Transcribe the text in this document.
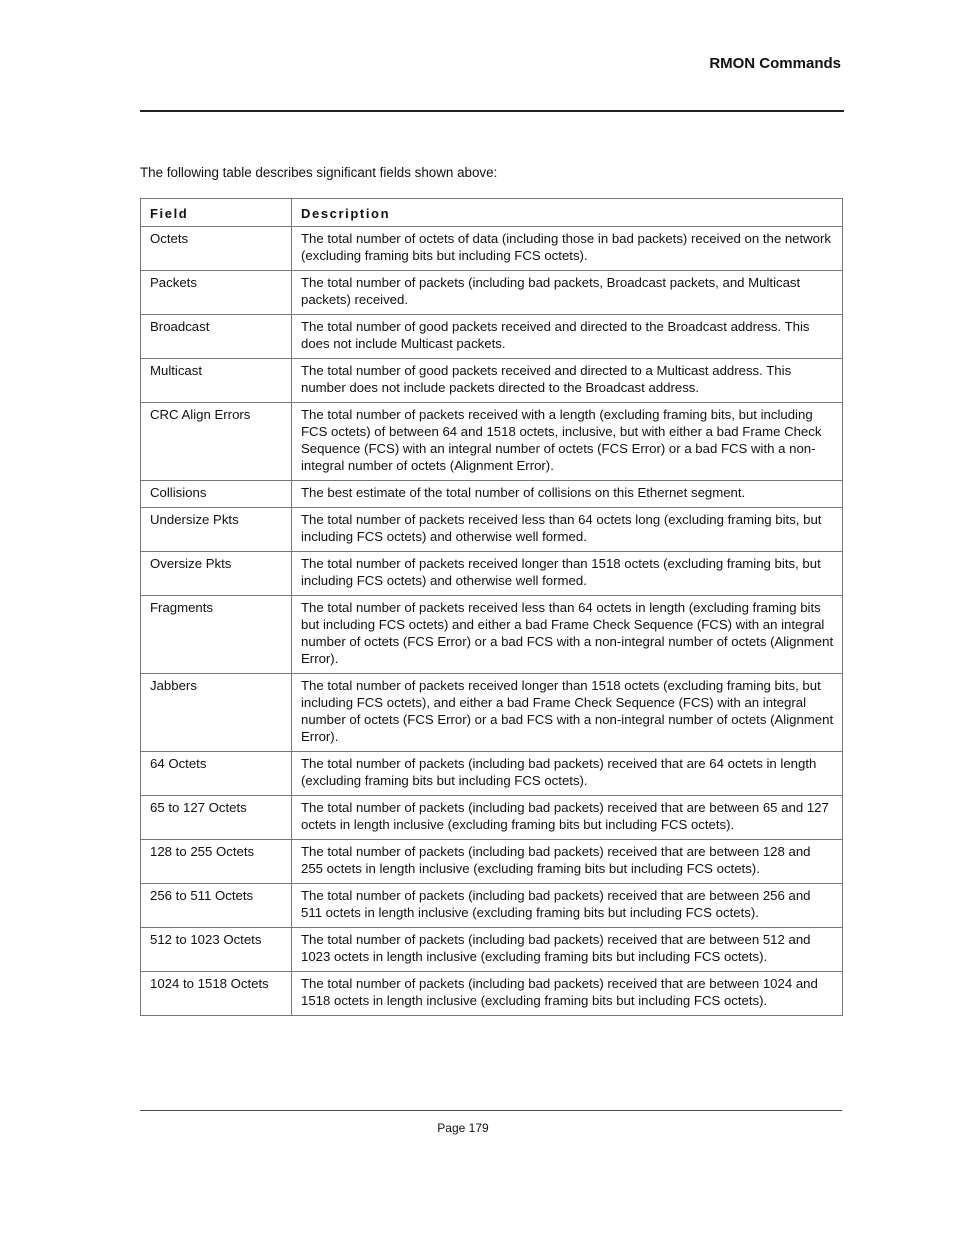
RMON Commands
The following table describes significant fields shown above:
Field	Description
Octets	The total number of octets of data (including those in bad packets) received on the network (excluding framing bits but including FCS octets).
Packets	The total number of packets (including bad packets, Broadcast packets, and Multicast packets) received.
Broadcast	The total number of good packets received and directed to the Broadcast address. This does not include Multicast packets.
Multicast	The total number of good packets received and directed to a Multicast address. This number does not include packets directed to the Broadcast address.
CRC Align Errors	The total number of packets received with a length (excluding framing bits, but including FCS octets) of between 64 and 1518 octets, inclusive, but with either a bad Frame Check Sequence (FCS) with an integral number of octets (FCS Error) or a bad FCS with a non-integral number of octets (Alignment Error).
Collisions	The best estimate of the total number of collisions on this Ethernet segment.
Undersize Pkts	The total number of packets received less than 64 octets long (excluding framing bits, but including FCS octets) and otherwise well formed.
Oversize Pkts	The total number of packets received longer than 1518 octets (excluding framing bits, but including FCS octets) and otherwise well formed.
Fragments	The total number of packets received less than 64 octets in length (excluding framing bits but including FCS octets) and either a bad Frame Check Sequence (FCS) with an integral number of octets (FCS Error) or a bad FCS with a non-integral number of octets (Alignment Error).
Jabbers	The total number of packets received longer than 1518 octets (excluding framing bits, but including FCS octets), and either a bad Frame Check Sequence (FCS) with an integral number of octets (FCS Error) or a bad FCS with a non-integral number of octets (Alignment Error).
64 Octets	The total number of packets (including bad packets) received that are 64 octets in length (excluding framing bits but including FCS octets).
65 to 127 Octets	The total number of packets (including bad packets) received that are between 65 and 127 octets in length inclusive (excluding framing bits but including FCS octets).
128 to 255 Octets	The total number of packets (including bad packets) received that are between 128 and 255 octets in length inclusive (excluding framing bits but including FCS octets).
256 to 511 Octets	The total number of packets (including bad packets) received that are between 256 and 511 octets in length inclusive (excluding framing bits but including FCS octets).
512 to 1023 Octets	The total number of packets (including bad packets) received that are between 512 and 1023 octets in length inclusive (excluding framing bits but including FCS octets).
1024 to 1518 Octets	The total number of packets (including bad packets) received that are between 1024 and 1518 octets in length inclusive (excluding framing bits but including FCS octets).
Page 179
